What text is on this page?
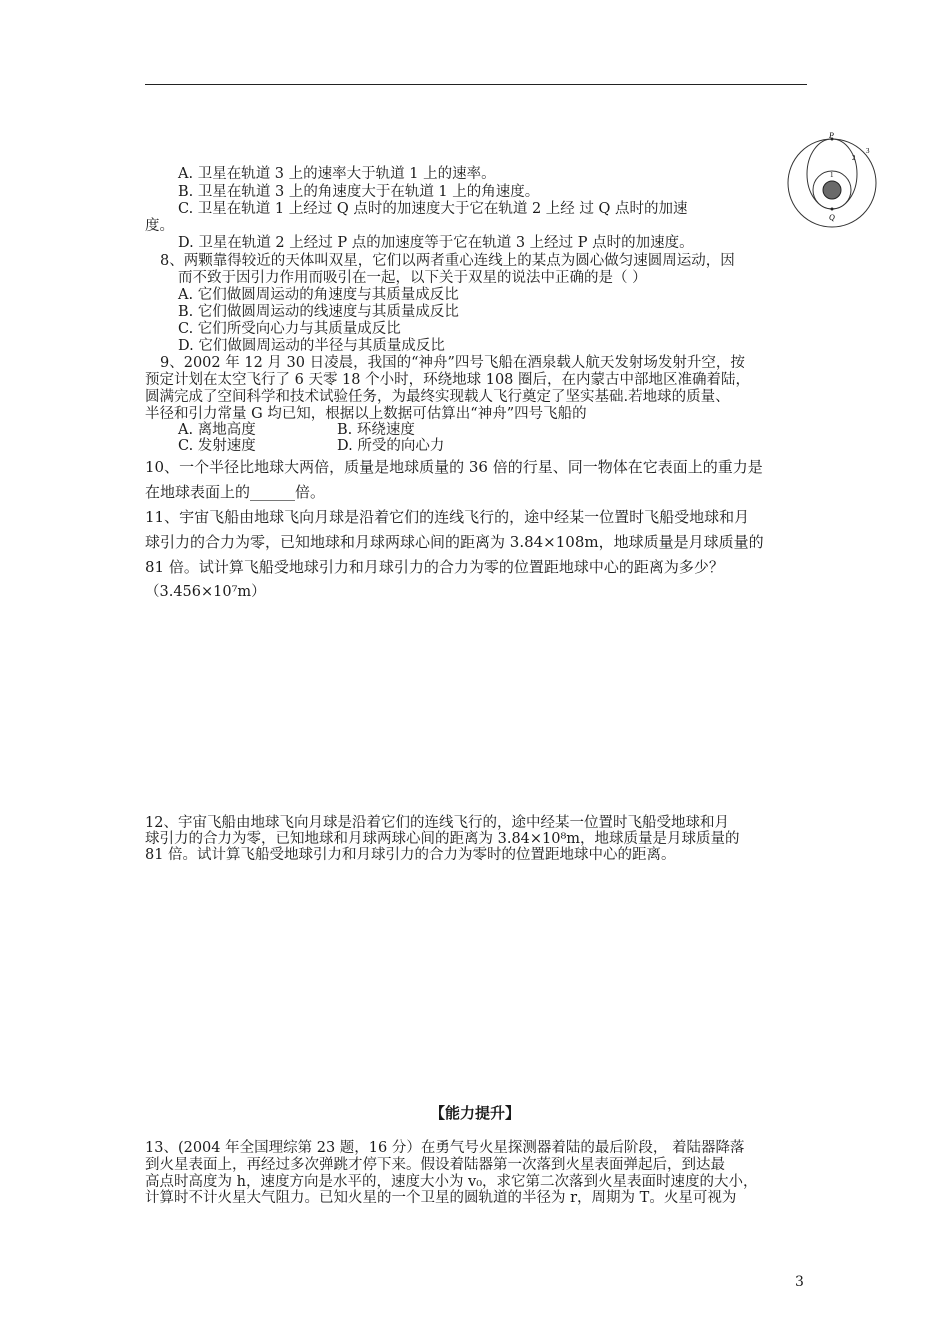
P
Q
1
2
3
A. 卫星在轨道 3 上的速率大于轨道 1 上的速率。
B. 卫星在轨道 3 上的角速度大于在轨道 1 上的角速度。
C. 卫星在轨道 1 上经过 Q 点时的加速度大于它在轨道 2 上经 过 Q 点时的加速
度。
D. 卫星在轨道 2 上经过 P 点的加速度等于它在轨道 3 上经过 P 点时的加速度。
8、两颗靠得较近的天体叫双星，它们以两者重心连线上的某点为圆心做匀速圆周运动，因
而不致于因引力作用而吸引在一起，以下关于双星的说法中正确的是（ ）
A. 它们做圆周运动的角速度与其质量成反比
B. 它们做圆周运动的线速度与其质量成反比
C. 它们所受向心力与其质量成反比
D. 它们做圆周运动的半径与其质量成反比
9、2002 年 12 月 30 日凌晨，我国的“神舟”四号飞船在酒泉载人航天发射场发射升空，按
预定计划在太空飞行了 6 天零 18 个小时，环绕地球 108 圈后，在内蒙古中部地区准确着陆，
圆满完成了空间科学和技术试验任务，为最终实现载人飞行奠定了坚实基础.若地球的质量、
半径和引力常量 G 均已知，根据以上数据可估算出“神舟”四号飞船的
A. 离地高度	B. 环绕速度
C. 发射速度	D. 所受的向心力
10、一个半径比地球大两倍，质量是地球质量的 36 倍的行星、同一物体在它表面上的重力是
在地球表面上的______倍。
11、宇宙飞船由地球飞向月球是沿着它们的连线飞行的，途中经某一位置时飞船受地球和月
球引力的合力为零，已知地球和月球两球心间的距离为 3.84×108m，地球质量是月球质量的
81 倍。试计算飞船受地球引力和月球引力的合力为零的位置距地球中心的距离为多少？
（3.456×10⁷m）
12、宇宙飞船由地球飞向月球是沿着它们的连线飞行的，途中经某一位置时飞船受地球和月
球引力的合力为零，已知地球和月球两球心间的距离为 3.84×10⁸m，地球质量是月球质量的
81 倍。试计算飞船受地球引力和月球引力的合力为零时的位置距地球中心的距离。
【能力提升】
13、(2004 年全国理综第 23 题，16 分）在勇气号火星探测器着陆的最后阶段， 着陆器降落
到火星表面上，再经过多次弹跳才停下来。假设着陆器第一次落到火星表面弹起后，到达最
高点时高度为 h，速度方向是水平的，速度大小为 v₀，求它第二次落到火星表面时速度的大小，
计算时不计火星大气阻力。已知火星的一个卫星的圆轨道的半径为 r，周期为 T。火星可视为
3
